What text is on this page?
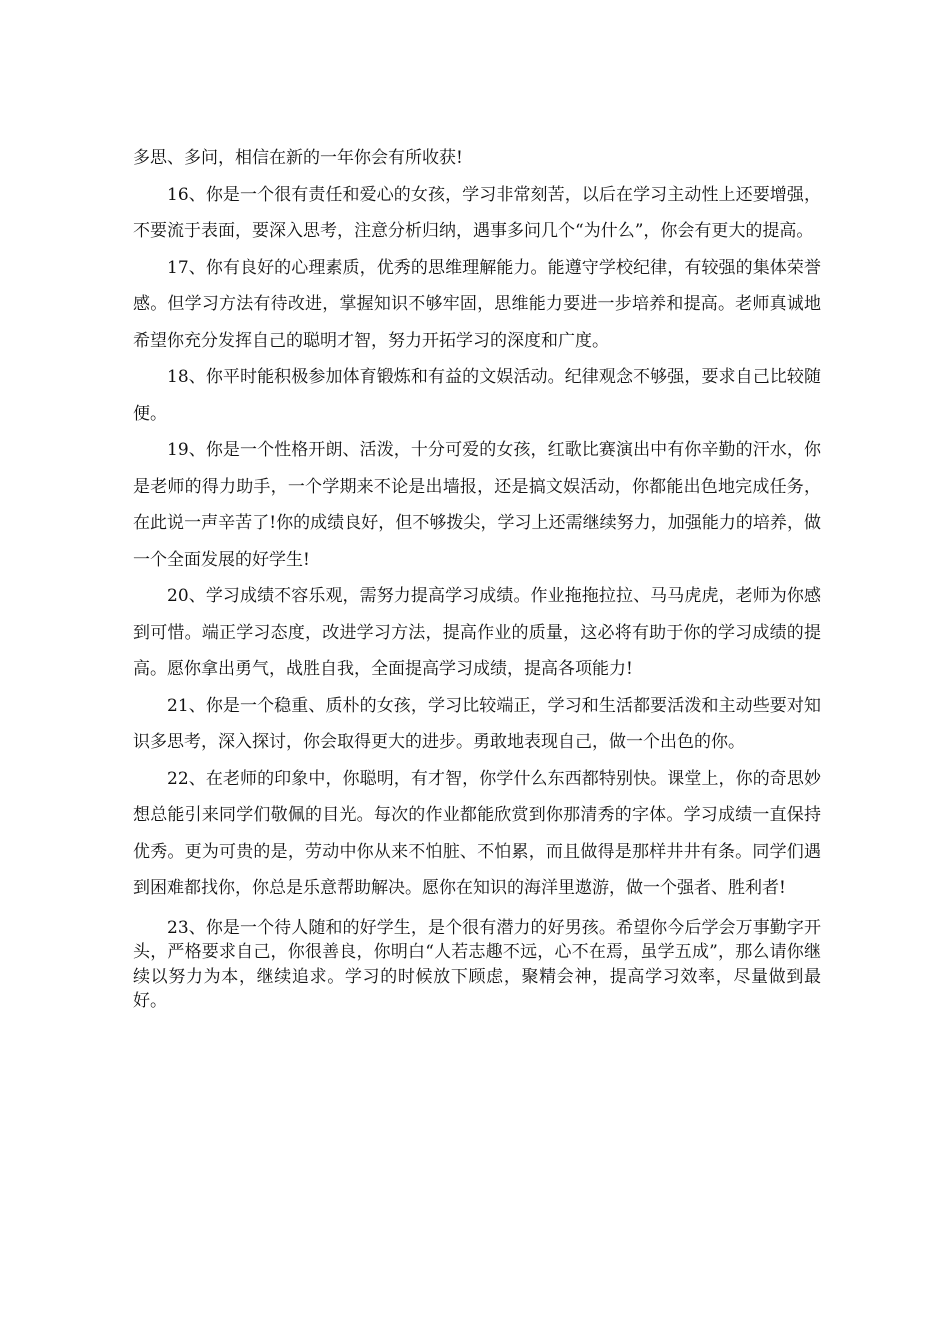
多思、多问，相信在新的一年你会有所收获!

16、你是一个很有责任和爱心的女孩，学习非常刻苦，以后在学习主动性上还要增强，不要流于表面，要深入思考，注意分析归纳，遇事多问几个“为什么”，你会有更大的提高。

17、你有良好的心理素质，优秀的思维理解能力。能遵守学校纪律，有较强的集体荣誉感。但学习方法有待改进，掌握知识不够牢固，思维能力要进一步培养和提高。老师真诚地希望你充分发挥自己的聪明才智，努力开拓学习的深度和广度。

18、你平时能积极参加体育锻炼和有益的文娱活动。纪律观念不够强，要求自己比较随便。

19、你是一个性格开朗、活泼，十分可爱的女孩，红歌比赛演出中有你辛勤的汗水，你是老师的得力助手，一个学期来不论是出墙报，还是搞文娱活动，你都能出色地完成任务，在此说一声辛苦了!你的成绩良好，但不够拨尖，学习上还需继续努力，加强能力的培养，做一个全面发展的好学生!

20、学习成绩不容乐观，需努力提高学习成绩。作业拖拖拉拉、马马虎虎，老师为你感到可惜。端正学习态度，改进学习方法，提高作业的质量，这必将有助于你的学习成绩的提高。愿你拿出勇气，战胜自我，全面提高学习成绩，提高各项能力!

21、你是一个稳重、质朴的女孩，学习比较端正，学习和生活都要活泼和主动些要对知识多思考，深入探讨，你会取得更大的进步。勇敢地表现自己，做一个出色的你。

22、在老师的印象中，你聪明，有才智，你学什么东西都特别快。课堂上，你的奇思妙想总能引来同学们敬佩的目光。每次的作业都能欣赏到你那清秀的字体。学习成绩一直保持优秀。更为可贵的是，劳动中你从来不怕脏、不怕累，而且做得是那样井井有条。同学们遇到困难都找你，你总是乐意帮助解决。愿你在知识的海洋里遨游，做一个强者、胜利者!

23、你是一个待人随和的好学生，是个很有潜力的好男孩。希望你今后学会万事勤字开头，严格要求自己，你很善良，你明白“人若志趣不远，心不在焉，虽学五成”，那么请你继续以努力为本，继续追求。学习的时候放下顾虑，聚精会神，提高学习效率，尽量做到最好。
